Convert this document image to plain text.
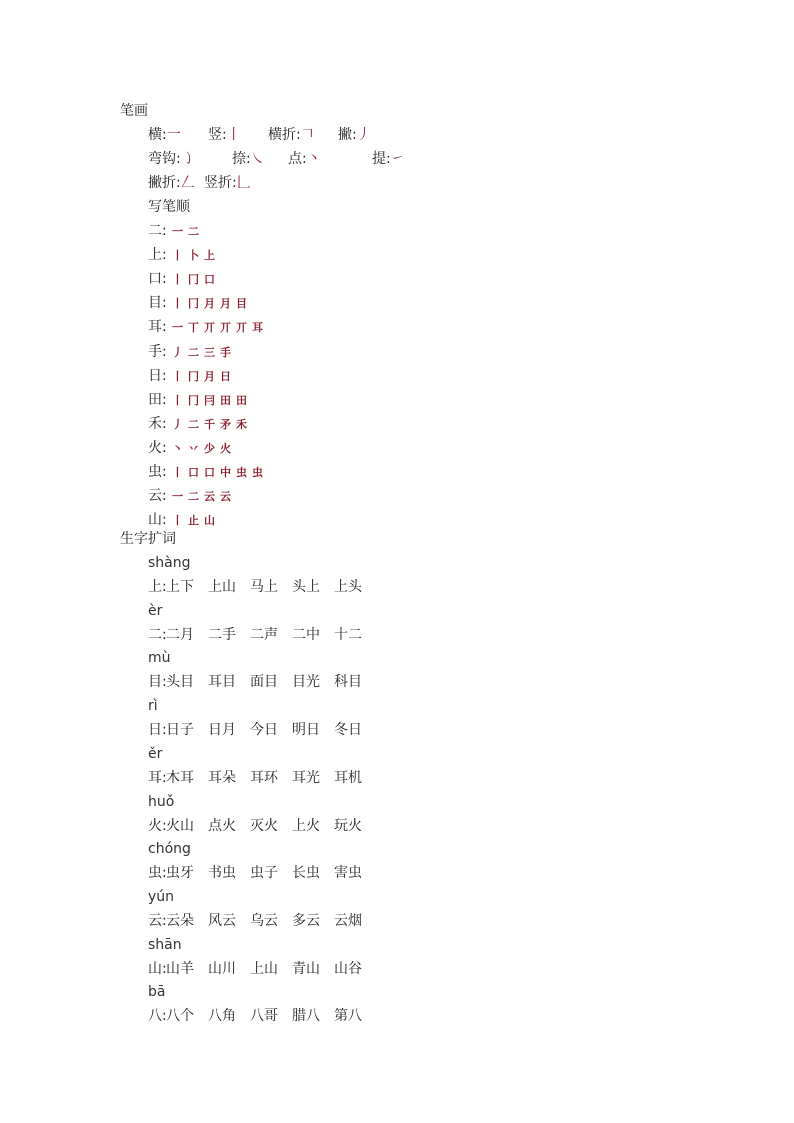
笔画
横:一 竖:丨 横折:𠃍 撇:丿
弯钩:㇁	捺:㇏ 点:丶	提:㇀
撇折:𠃋 竖折:𠃊
写笔顺
二 : 一 二
上 : 丨 卜 上
口 : 丨 冂 口
目 : 丨 冂 月 月 目
耳 : 一 丅 丌 丌 丌 耳
手 : 丿 二 三 手
日 : 丨 冂 月 日
田 : 丨 冂 冃 田 田
禾 : 丿 二 千 矛 禾
火 : 丶 丷 少 火
虫 : 丨 口 口 中 虫 虫
云 : 一 二 云 云
山 : 丨 止 山
生字扩词
shàng
上 : 上下 上山 马上 头上 上头
èr
二 : 二月 二手 二声 二中 十二
mù
目 : 头目 耳目 面目 目光 科目
rì
日 : 日子 日月 今日 明日 冬日
ěr
耳 : 木耳 耳朵 耳环 耳光 耳机
huǒ
火 : 火山 点火 灭火 上火 玩火
chóng
虫 : 虫牙 书虫 虫子 长虫 害虫
yún
云 : 云朵 风云 乌云 多云 云烟
shān
山 : 山羊 山川 上山 青山 山谷
bā
八 : 八个 八角 八哥 腊八 第八
